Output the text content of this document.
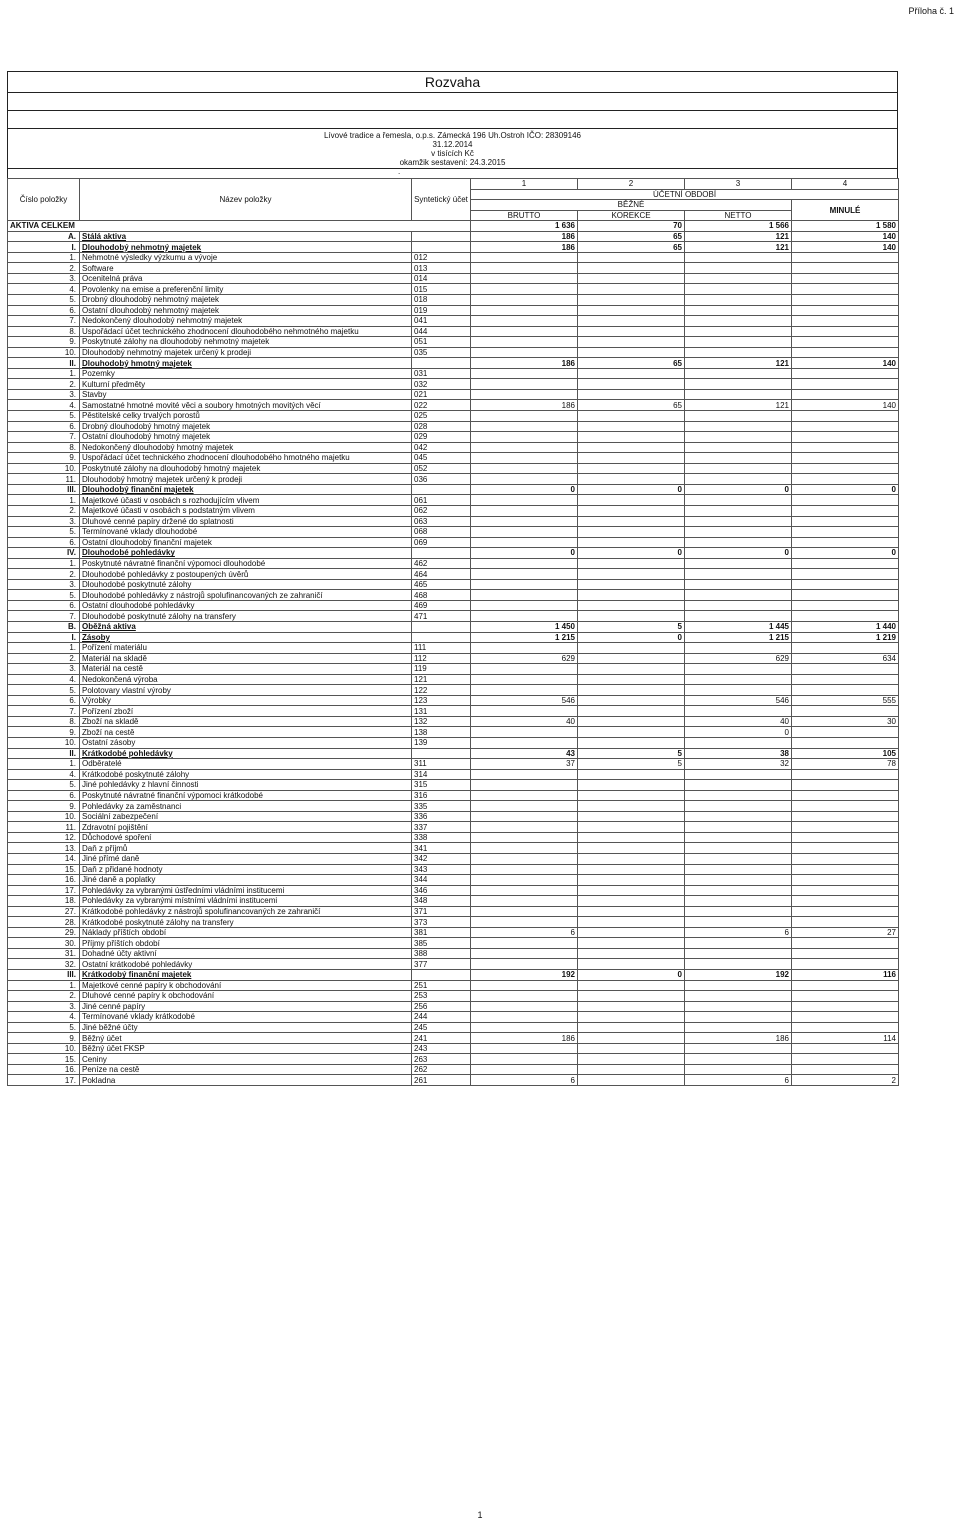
Příloha č. 1
Rozvaha
Lívové tradice a řemesla, o.p.s. Zámecká 196 Uh.Ostroh IČO: 28309146
31.12.2014
v tisících Kč
okamžik sestavení: 24.3.2015
.
Číslo položky	Název položky	Syntetický účet	1	2	3	4
			ÚČETNÍ OBDOBÍ			
			BĚŽNÉ			MINULÉ
			BRUTTO	KOREKCE	NETTO	
AKTIVA CELKEM			1 636	70	1 566	1 580
A.	Stálá aktiva		186	65	121	140
I.	Dlouhodobý nehmotný majetek		186	65	121	140
1.	Nehmotné výsledky výzkumu a vývoje	012				
2.	Software	013				
3.	Ocenitelná práva	014				
4.	Povolenky na emise a preferenční limity	015				
5.	Drobný dlouhodobý nehmotný majetek	018				
6.	Ostatní dlouhodobý nehmotný majetek	019				
7.	Nedokončený dlouhodobý nehmotný majetek	041				
8.	Uspořádací účet technického zhodnocení dlouhodobého nehmotného majetku	044				
9.	Poskytnuté zálohy na dlouhodobý nehmotný majetek	051				
10.	Dlouhodobý nehmotný majetek určený k prodeji	035				
II.	Dlouhodobý hmotný majetek		186	65	121	140
1.	Pozemky	031				
2.	Kulturní předměty	032				
3.	Stavby	021				
4.	Samostatné hmotné movité věci a soubory hmotných movitých věcí	022	186	65	121	140
5.	Pěstitelské celky trvalých porostů	025				
6.	Drobný dlouhodobý hmotný majetek	028				
7.	Ostatní dlouhodobý hmotný majetek	029				
8.	Nedokončený dlouhodobý hmotný majetek	042				
9.	Uspořádací účet technického zhodnocení dlouhodobého hmotného majetku	045				
10.	Poskytnuté zálohy na dlouhodobý hmotný majetek	052				
11.	Dlouhodobý hmotný majetek určený k prodeji	036				
III.	Dlouhodobý finanční majetek		0	0	0	0
1.	Majetkové účasti v osobách s rozhodujícím vlivem	061				
2.	Majetkové účasti v osobách s podstatným vlivem	062				
3.	Dluhové cenné papíry držené do splatnosti	063				
5.	Termínované vklady dlouhodobé	068				
6.	Ostatní dlouhodobý finanční majetek	069				
IV.	Dlouhodobé pohledávky		0	0	0	0
1.	Poskytnuté návratné finanční výpomoci dlouhodobé	462				
2.	Dlouhodobé pohledávky z postoupených úvěrů	464				
3.	Dlouhodobé poskytnuté zálohy	465				
5.	Dlouhodobé pohledávky z nástrojů spolufinancovaných ze zahraničí	468				
6.	Ostatní dlouhodobé pohledávky	469				
7.	Dlouhodobé poskytnuté zálohy na transfery	471				
B.	Oběžná aktiva		1 450	5	1 445	1 440
I.	Zásoby		1 215	0	1 215	1 219
1.	Pořízení materiálu	111				
2.	Materiál na skladě	112	629		629	634
3.	Materiál na cestě	119				
4.	Nedokončená výroba	121				
5.	Polotovary vlastní výroby	122				
6.	Výrobky	123	546		546	555
7.	Pořízení zboží	131				
8.	Zboží na skladě	132	40		40	30
9.	Zboží na cestě	138			0	
10.	Ostatní zásoby	139				
II.	Krátkodobé pohledávky		43	5	38	105
1.	Odběratelé	311	37	5	32	78
4.	Krátkodobé poskytnuté zálohy	314				
5.	Jiné pohledávky z hlavní činnosti	315				
6.	Poskytnuté návratné finanční výpomoci krátkodobé	316				
9.	Pohledávky za zaměstnanci	335				
10.	Sociální zabezpečení	336				
11.	Zdravotní pojištění	337				
12.	Důchodové spoření	338				
13.	Daň z příjmů	341				
14.	Jiné přímé daně	342				
15.	Daň z přidané hodnoty	343				
16.	Jiné daně a poplatky	344				
17.	Pohledávky za vybranými ústředními vládními institucemi	346				
18.	Pohledávky za vybranými místními vládními institucemi	348				
27.	Krátkodobé pohledávky z nástrojů spolufinancovaných ze zahraničí	371				
28.	Krátkodobé poskytnuté zálohy na transfery	373				
29.	Náklady příštích období	381	6		6	27
30.	Příjmy příštích období	385				
31.	Dohadné účty aktivní	388				
32.	Ostatní krátkodobé pohledávky	377				
III.	Krátkodobý finanční majetek		192	0	192	116
1.	Majetkové cenné papíry k obchodování	251				
2.	Dluhové cenné papíry k obchodování	253				
3.	Jiné cenné papíry	256				
4.	Termínované vklady krátkodobé	244				
5.	Jiné běžné účty	245				
9.	Běžný účet	241	186		186	114
10.	Běžný účet FKSP	243				
15.	Ceniny	263				
16.	Peníze na cestě	262				
17.	Pokladna	261	6		6	2
1
